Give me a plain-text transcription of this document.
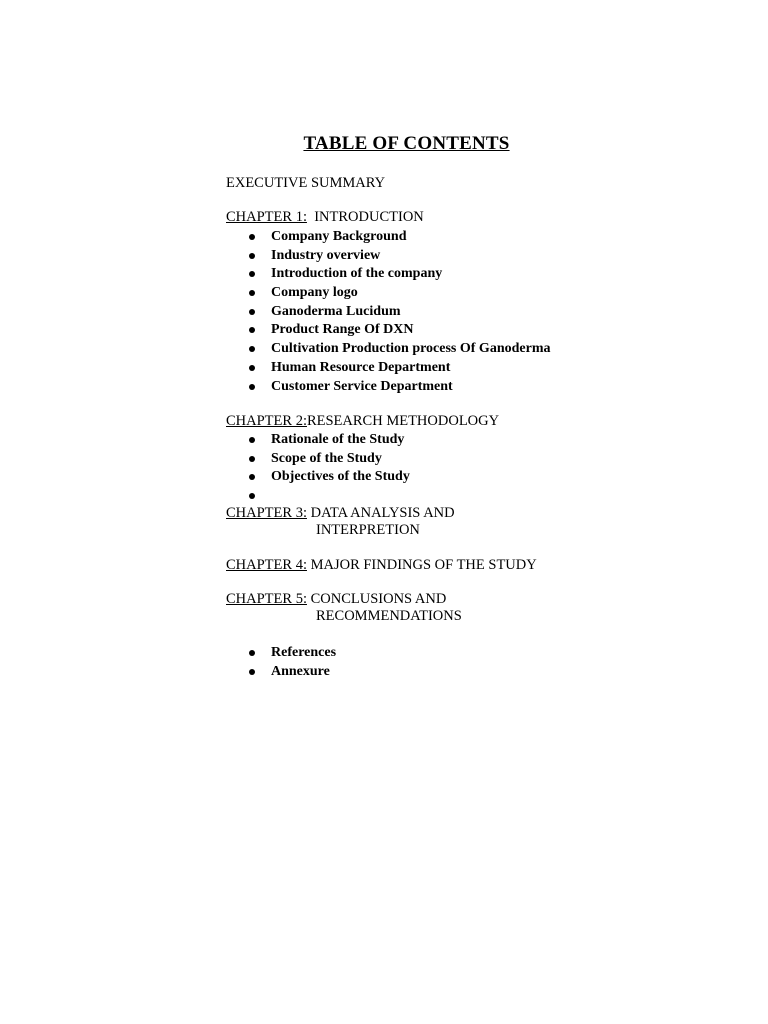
TABLE OF CONTENTS
EXECUTIVE SUMMARY
CHAPTER 1: INTRODUCTION
Company Background
Industry overview
Introduction of the company
Company logo
Ganoderma Lucidum
Product Range Of DXN
Cultivation Production process Of Ganoderma
Human Resource Department
Customer Service Department
CHAPTER 2:RESEARCH METHODOLOGY
Rationale of the Study
Scope of the Study
Objectives of the Study
CHAPTER 3: DATA ANALYSIS AND
INTERPRETION
CHAPTER 4: MAJOR FINDINGS OF THE STUDY
CHAPTER 5: CONCLUSIONS AND
RECOMMENDATIONS
References
Annexure
